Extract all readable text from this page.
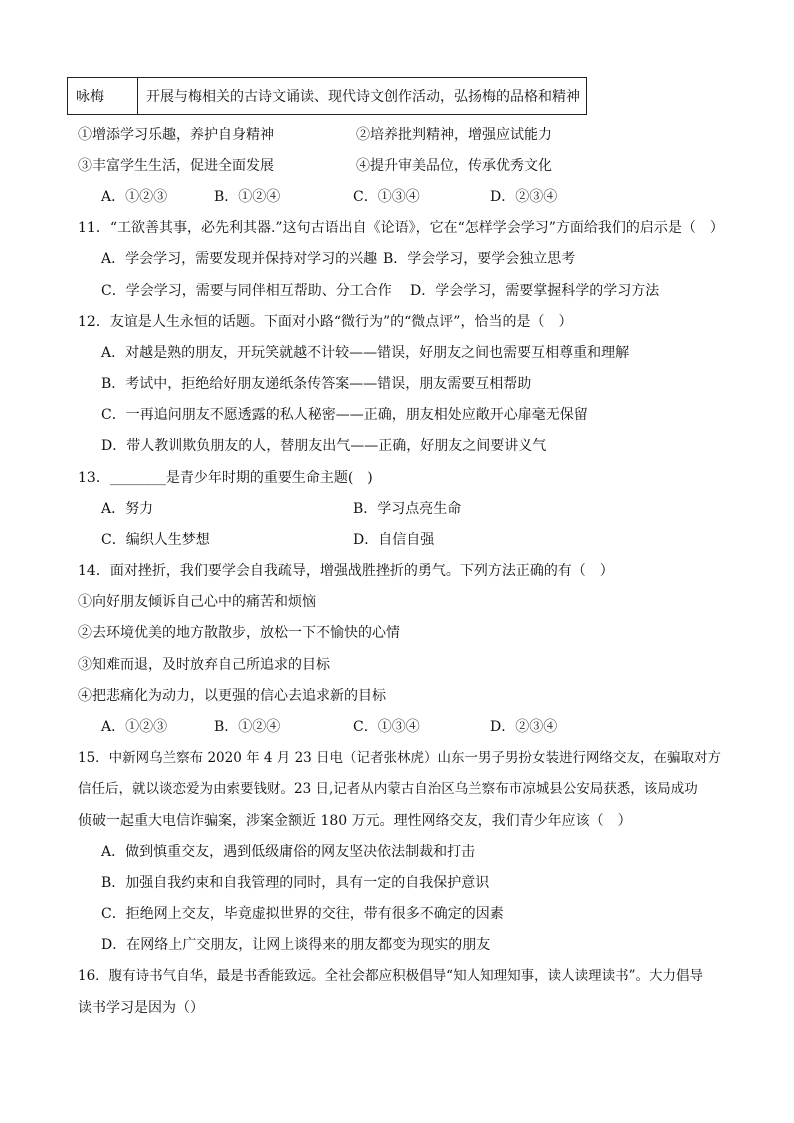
咏梅	开展与梅相关的古诗文诵读、现代诗文创作活动，弘扬梅的品格和精神
①增添学习乐趣，养护自身精神	②培养批判精神，增强应试能力
③丰富学生生活，促进全面发展	④提升审美品位，传承优秀文化
A．①②③	B．①②④	C．①③④	D．②③④
11．“工欲善其事，必先利其器.”这句古语出自《论语》，它在“怎样学会学习”方面给我们的启示是（　）
A．学会学习，需要发现并保持对学习的兴趣 B．学会学习，要学会独立思考
C．学会学习，需要与同伴相互帮助、分工合作 D．学会学习，需要掌握科学的学习方法
12．友谊是人生永恒的话题。下面对小路“微行为”的“微点评”，恰当的是（　）
A．对越是熟的朋友，开玩笑就越不计较——错误，好朋友之间也需要互相尊重和理解
B．考试中，拒绝给好朋友递纸条传答案——错误，朋友需要互相帮助
C．一再追问朋友不愿透露的私人秘密——正确，朋友相处应敞开心扉毫无保留
D．带人教训欺负朋友的人，替朋友出气——正确，好朋友之间要讲义气
13．________是青少年时期的重要生命主题(　)
A．努力	B．学习点亮生命
C．编织人生梦想	D．自信自强
14．面对挫折，我们要学会自我疏导，增强战胜挫折的勇气。下列方法正确的有（　）
①向好朋友倾诉自己心中的痛苦和烦恼
②去环境优美的地方散散步，放松一下不愉快的心情
③知难而退，及时放弃自己所追求的目标
④把悲痛化为动力，以更强的信心去追求新的目标
A．①②③	B．①②④	C．①③④	D．②③④
15．中新网乌兰察布 2020 年 4 月 23 日电（记者张林虎）山东一男子男扮女装进行网络交友，在骗取对方
信任后，就以谈恋爱为由索要钱财。23 日,记者从内蒙古自治区乌兰察布市凉城县公安局获悉，该局成功
侦破一起重大电信诈骗案，涉案金额近 180 万元。理性网络交友，我们青少年应该（　）
A．做到慎重交友，遇到低级庸俗的网友坚决依法制裁和打击
B．加强自我约束和自我管理的同时，具有一定的自我保护意识
C．拒绝网上交友，毕竟虚拟世界的交往，带有很多不确定的因素
D．在网络上广交朋友，让网上谈得来的朋友都变为现实的朋友
16．腹有诗书气自华，最是书香能致远。全社会都应积极倡导“知人知理知事，读人读理读书”。大力倡导
读书学习是因为（）
